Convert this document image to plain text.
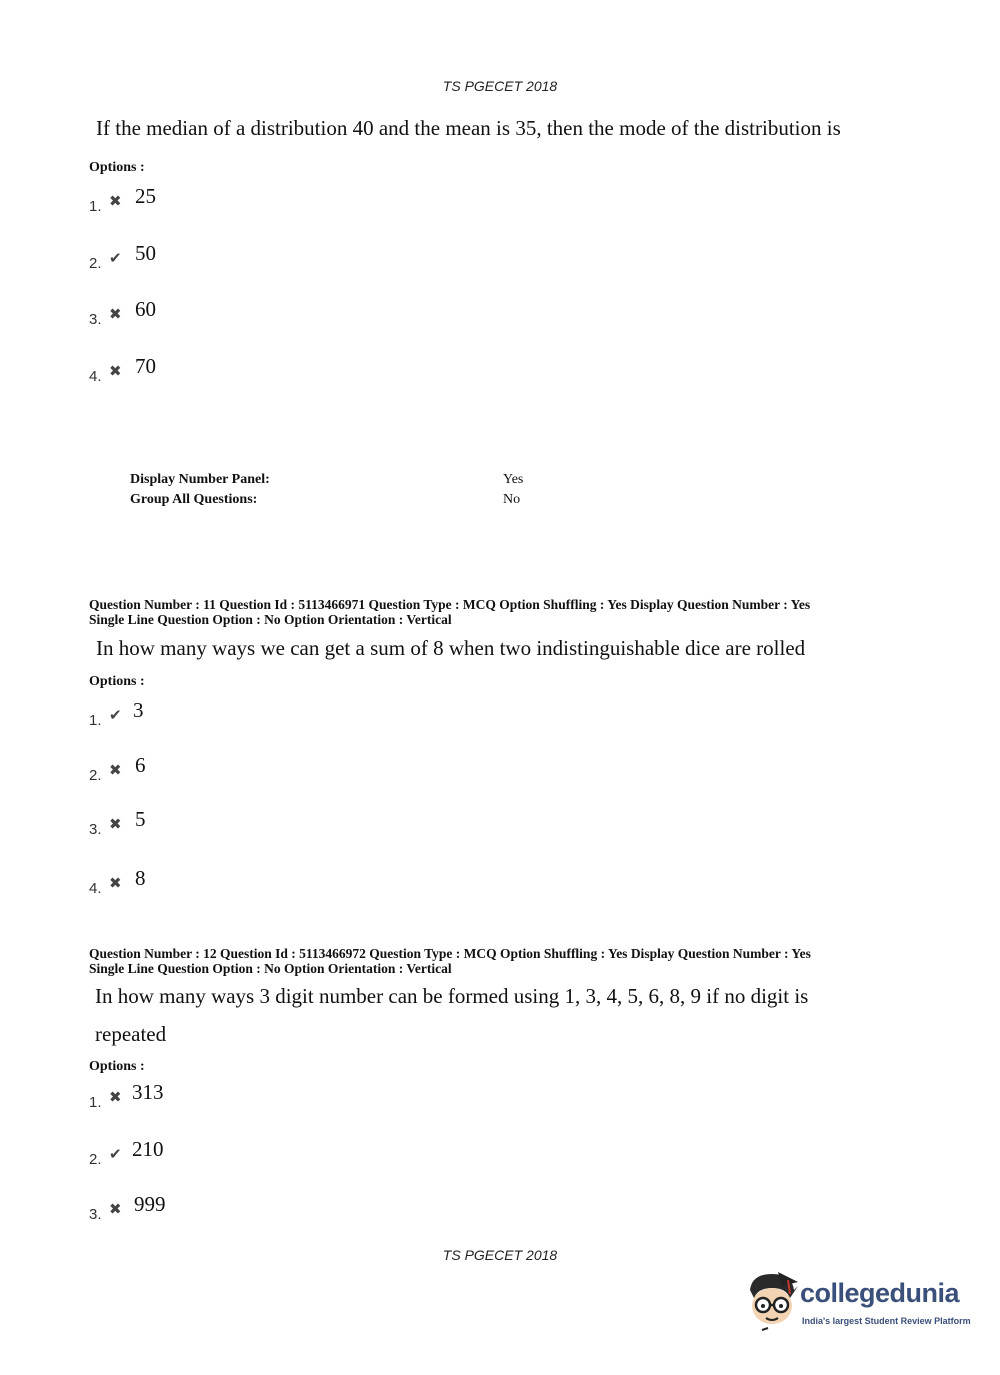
TS PGECET 2018
If the median of a distribution 40 and the mean is 35, then the mode of the distribution is
Options :
1. ✖ 25
2. ✔ 50
3. ✖ 60
4. ✖ 70
Display Number Panel:	Yes
Group All Questions:	No
Question Number : 11 Question Id : 5113466971 Question Type : MCQ Option Shuffling : Yes Display Question Number : Yes
Single Line Question Option : No Option Orientation : Vertical
In how many ways we can get a sum of 8 when two indistinguishable dice are rolled
Options :
1. ✔ 3
2. ✖ 6
3. ✖ 5
4. ✖ 8
Question Number : 12 Question Id : 5113466972 Question Type : MCQ Option Shuffling : Yes Display Question Number : Yes
Single Line Question Option : No Option Orientation : Vertical
In how many ways 3 digit number can be formed using 1, 3, 4, 5, 6, 8, 9 if no digit is
repeated
Options :
1. ✖ 313
2. ✔ 210
3. ✖ 999
TS PGECET 2018
collegedunia
India's largest Student Review Platform
